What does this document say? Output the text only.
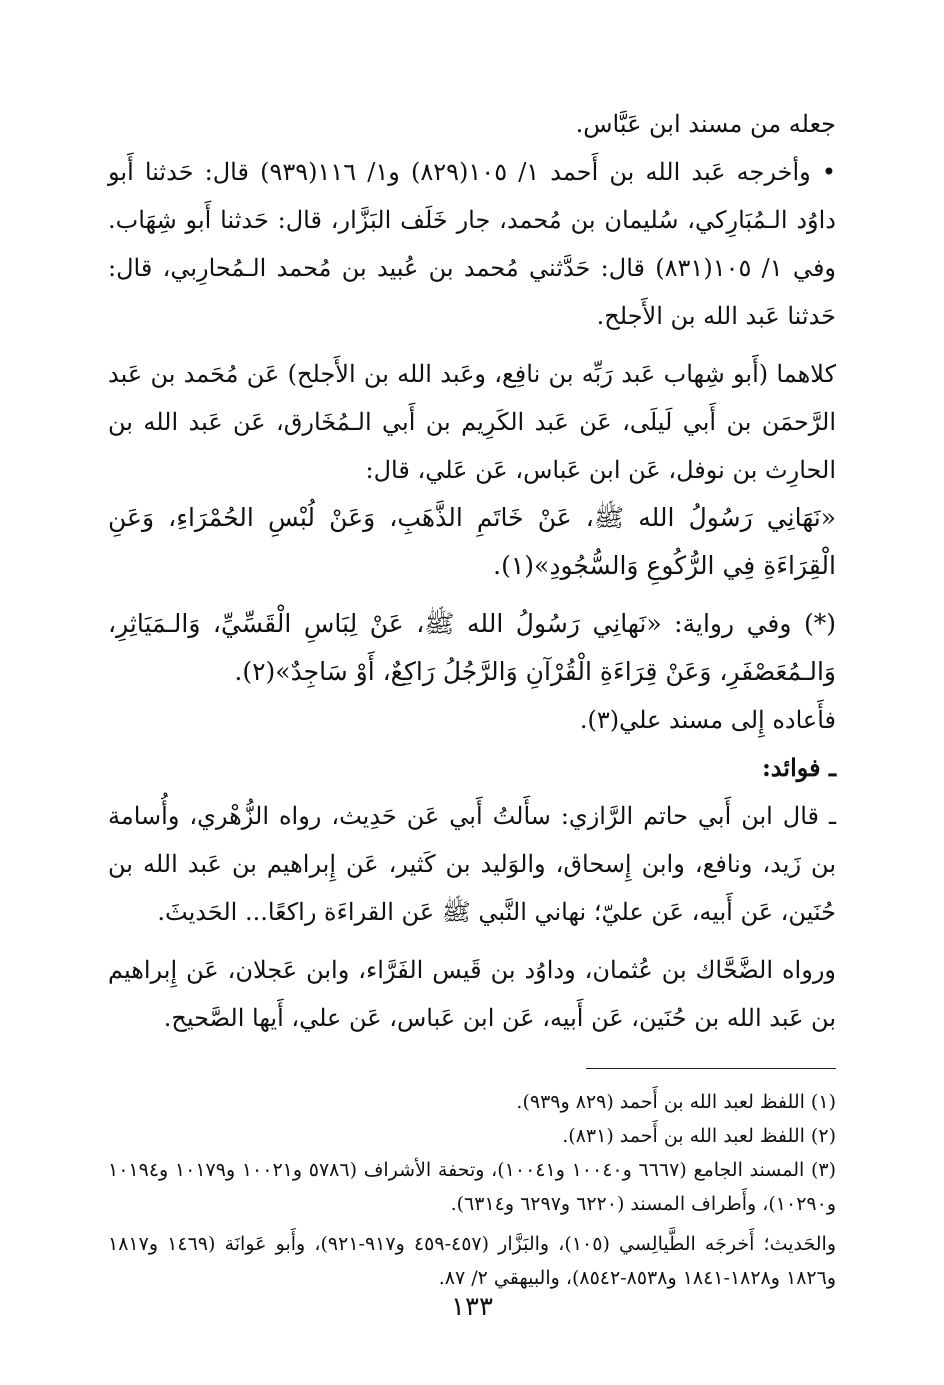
جعله من مسند ابن عَبَّاس.

• وأخرجه عَبد الله بن أَحمد ١/ ١٠٥(٨٢٩) و١/ ١١٦(٩٣٩) قال: حَدثنا أَبو داوُد الـمُبَارِكي، سُليمان بن مُحمد، جار خَلَف البَزَّار، قال: حَدثنا أَبو شِهَاب. وفي ١/ ١٠٥(٨٣١) قال: حَدَّثني مُحمد بن عُبيد بن مُحمد الـمُحارِبي، قال: حَدثنا عَبد الله بن الأَجلح.

كلاهما (أَبو شِهاب عَبد رَبِّه بن نافِع، وعَبد الله بن الأَجلح) عَن مُحَمد بن عَبد الرَّحمَن بن أَبي لَيلَى، عَن عَبد الكَرِيم بن أَبي الـمُخَارق، عَن عَبد الله بن الحارِث بن نوفل، عَن ابن عَباس، عَن عَلي، قال:

«نَهَانِي رَسُولُ الله ﷺ، عَنْ خَاتَمِ الذَّهَبِ، وَعَنْ لُبْسِ الحُمْرَاءِ، وَعَنِ الْقِرَاءَةِ فِي الرُّكُوعِ وَالسُّجُودِ»(١).

(*) وفي رواية: «نَهانِي رَسُولُ الله ﷺ، عَنْ لِبَاسِ الْقَسِّيِّ، وَالـمَيَاثِرِ، وَالـمُعَصْفَرِ، وَعَنْ قِرَاءَةِ الْقُرْآنِ وَالرَّجُلُ رَاكِعٌ، أَوْ سَاجِدٌ»(٢).

فأَعاده إِلى مسند علي(٣).

ـ فوائد:

ـ قال ابن أَبي حاتم الرَّازي: سأَلتُ أَبي عَن حَدِيث، رواه الزُّهْري، وأُسامة بن زَيد، ونافع، وابن إِسحاق، والوَليد بن كَثير، عَن إِبراهيم بن عَبد الله بن حُنَين، عَن أَبيه، عَن عليّ؛ نهاني النَّبي ﷺ عَن القراءَة راكعًا... الحَديثَ.

ورواه الضَّحَّاك بن عُثمان، وداوُد بن قَيس الفَرَّاء، وابن عَجلان، عَن إِبراهيم بن عَبد الله بن حُنَين، عَن أَبيه، عَن ابن عَباس، عَن علي، أَيها الصَّحيح.

(١) اللفظ لعبد الله بن أَحمد (٨٢٩ و٩٣٩).

(٢) اللفظ لعبد الله بن أَحمد (٨٣١).

(٣) المسند الجامع (٦٦٦٧ و١٠٠٤٠ و١٠٠٤١)، وتحفة الأشراف (٥٧٨٦ و١٠٠٢١ و١٠١٧٩ و١٠١٩٤ و١٠٢٩٠)، وأَطراف المسند (٦٢٢٠ و٦٢٩٧ و٦٣١٤).

والحَديث؛ أَخرجَه الطَّيالِسي (١٠٥)، والبَزَّار (٤٥٧-٤٥٩ و٩١٧-٩٢١)، وأَبو عَوانَة (١٤٦٩ و١٨١٧ و١٨٢٦ و١٨٢٨-١٨٤١ و٨٥٣٨-٨٥٤٢)، والبيهقي ٢/ ٨٧.

١٣٣
